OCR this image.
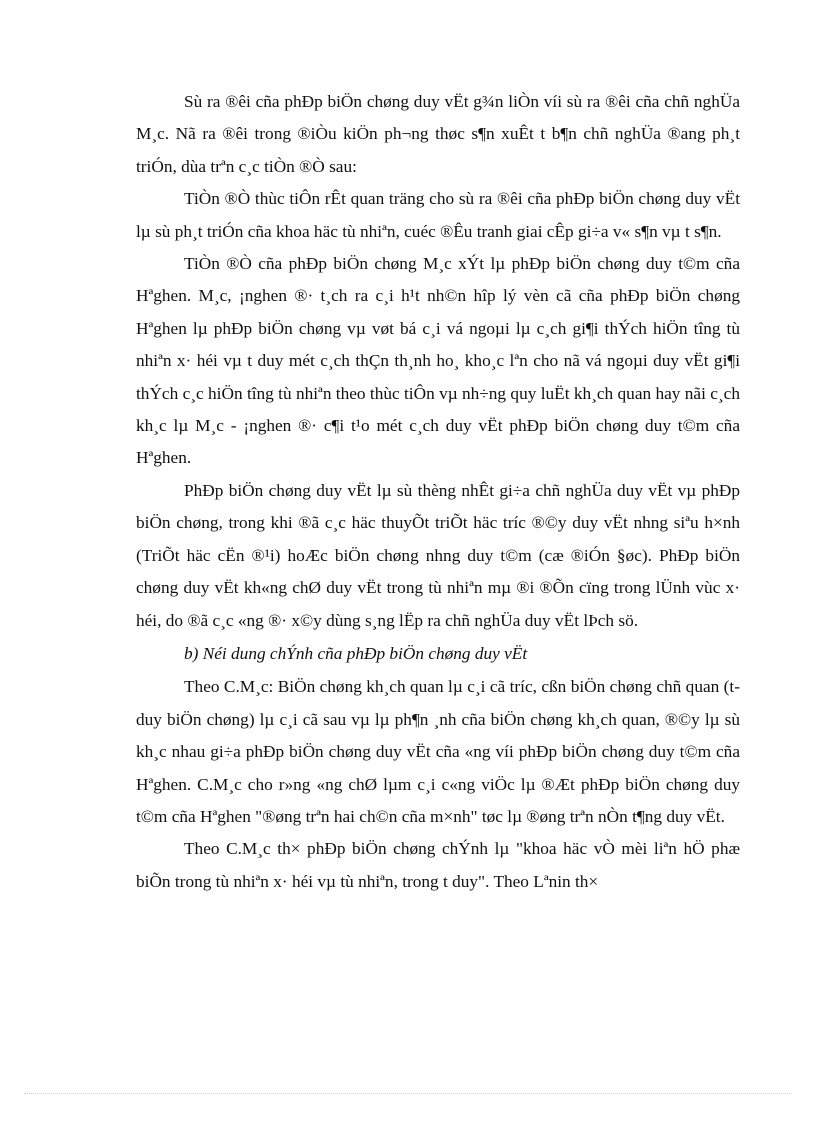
Sù ra ®êi cña phÐp biÖn chøng duy vËt g¾n liÒn víi sù ra ®êi cña chñ nghÜa M¸c. Nã ra ®êi trong ®iÒu kiÖn ph¬ng thøc s¶n xuÊt t b¶n chñ nghÜa ®ang ph¸t triÓn, dùa trªn c¸c tiÒn ®Ò sau:

TiÒn ®Ò thùc tiÔn rÊt quan träng cho sù ra ®êi cña phÐp biÖn chøng duy vËt lµ sù ph¸t triÓn cña khoa häc tù nhiªn, cuéc ®Êu tranh giai cÊp gi÷a v« s¶n vµ t s¶n.

TiÒn ®Ò cña phÐp biÖn chøng M¸c xÝt lµ phÐp biÖn chøng duy t©m cña Hªghen. M¸c, ¡nghen ®· t¸ch ra c¸i h¹t nh©n hîp lý vèn cã cña phÐp biÖn chøng Hªghen lµ phÐp biÖn chøng vµ vøt bá c¸i vá ngoµi lµ c¸ch gi¶i thÝch hiÖn tîng tù nhiªn x· héi vµ t duy mét c¸ch thÇn th¸nh ho¸ kho¸c lªn cho nã vá ngoµi duy vËt gi¶i thÝch c¸c hiÖn tîng tù nhiªn theo thùc tiÔn vµ nh÷ng quy luËt kh¸ch quan hay nãi c¸ch kh¸c lµ M¸c - ¡nghen ®· c¶i t¹o mét c¸ch duy vËt phÐp biÖn chøng duy t©m cña Hªghen.

PhÐp biÖn chøng duy vËt lµ sù thèng nhÊt gi÷a chñ nghÜa duy vËt vµ phÐp biÖn chøng, trong khi ®ã c¸c häc thuyÕt triÕt häc tríc ®©y duy vËt nhng siªu h×nh (TriÕt häc cËn ®¹i) hoÆc biÖn chøng nhng duy t©m (cæ ®iÓn §øc). PhÐp biÖn chøng duy vËt kh«ng chØ duy vËt trong tù nhiªn mµ ®i ®Õn cïng trong lÜnh vùc x· héi, do ®ã c¸c «ng ®· x©y dùng s¸ng lËp ra chñ nghÜa duy vËt lÞch sö.

b) Néi dung chÝnh cña phÐp biÖn chøng duy vËt

Theo C.M¸c: BiÖn chøng kh¸ch quan lµ c¸i cã tríc, cßn biÖn chøng chñ quan (t duy biÖn chøng) lµ c¸i cã sau vµ lµ ph¶n ¸nh cña biÖn chøng kh¸ch quan, ®©y lµ sù kh¸c nhau gi÷a phÐp biÖn chøng duy vËt cña «ng víi phÐp biÖn chøng duy t©m cña Hªghen. C.M¸c cho r»ng «ng chØ lµm c¸i c«ng viÖc lµ ®Æt phÐp biÖn chøng duy t©m cña Hªghen "®øng trªn hai ch©n cña m×nh" tøc lµ ®øng trªn nÒn t¶ng duy vËt.

Theo C.M¸c th× phÐp biÖn chøng chÝnh lµ "khoa häc vÒ mèi liªn hÖ phæ biÕn trong tù nhiªn x· héi vµ tù nhiªn, trong t duy". Theo Lªnin th×
